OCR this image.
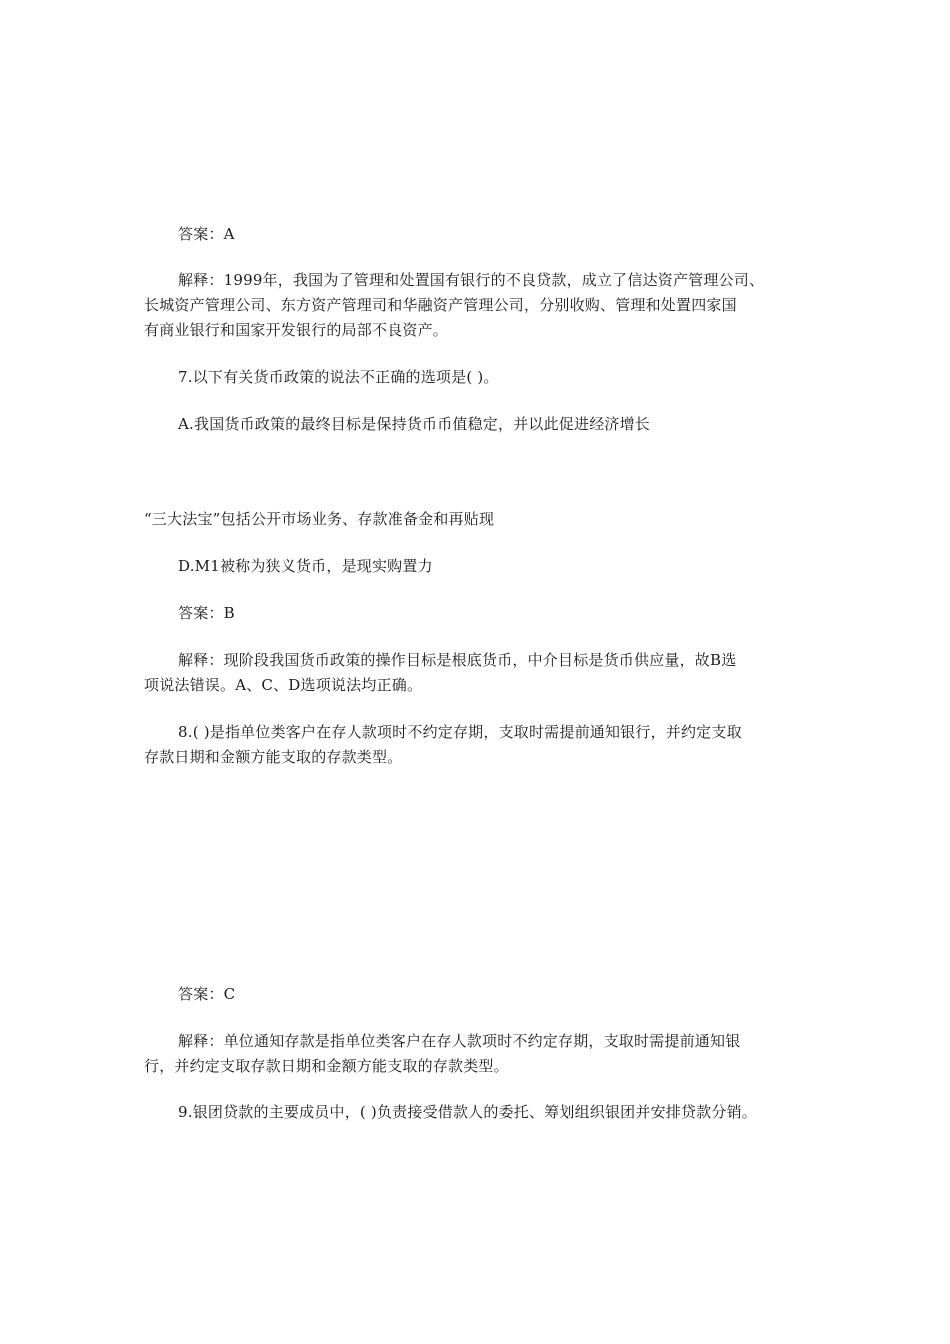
答案：A
解释：1999年，我国为了管理和处置国有银行的不良贷款，成立了信达资产管理公司、
长城资产管理公司、东方资产管理司和华融资产管理公司，分别收购、管理和处置四家国
有商业银行和国家开发银行的局部不良资产。
7.以下有关货币政策的说法不正确的选项是( )。
A.我国货币政策的最终目标是保持货币币值稳定，并以此促进经济增长
“三大法宝”包括公开市场业务、存款准备金和再贴现
D.M1被称为狭义货币，是现实购置力
答案：B
解释：现阶段我国货币政策的操作目标是根底货币，中介目标是货币供应量，故B选
项说法错误。A、C、D选项说法均正确。
8.( )是指单位类客户在存人款项时不约定存期，支取时需提前通知银行，并约定支取
存款日期和金额方能支取的存款类型。
答案：C
解释：单位通知存款是指单位类客户在存人款项时不约定存期，支取时需提前通知银
行，并约定支取存款日期和金额方能支取的存款类型。
9.银团贷款的主要成员中，( )负责接受借款人的委托、筹划组织银团并安排贷款分销。
